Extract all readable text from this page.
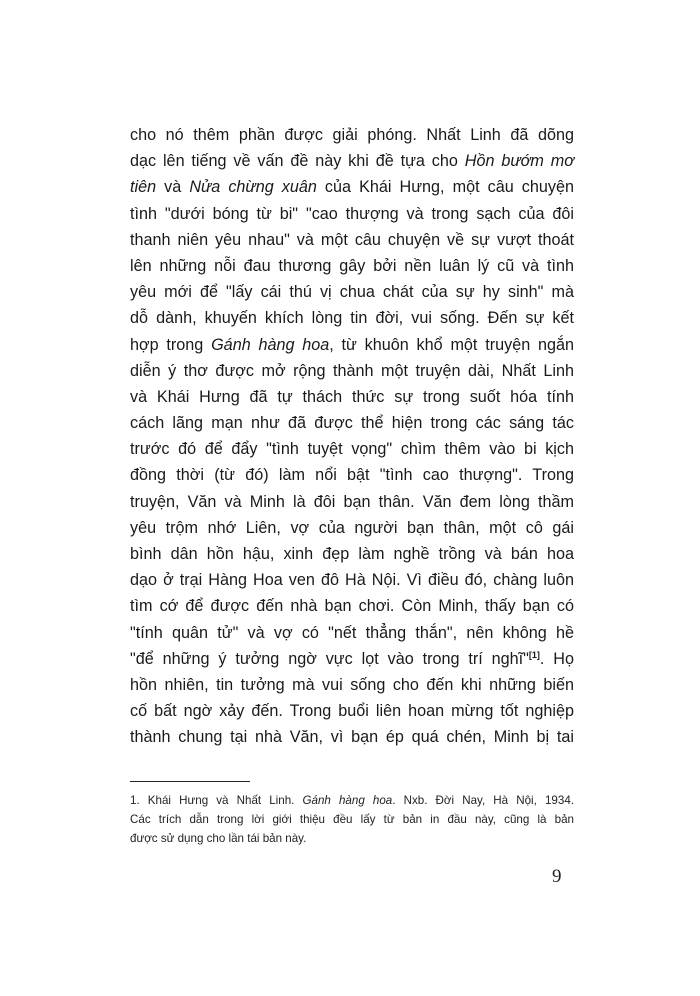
cho nó thêm phần được giải phóng. Nhất Linh đã dõng
dạc lên tiếng về vấn đề này khi đề tựa cho Hồn bướm mơ
tiên và Nửa chừng xuân của Khái Hưng, một câu chuyện
tình "dưới bóng từ bi" "cao thượng và trong sạch của đôi
thanh niên yêu nhau" và một câu chuyện về sự vượt thoát
lên những nỗi đau thương gây bởi nền luân lý cũ và tình
yêu mới để "lấy cái thú vị chua chát của sự hy sinh" mà
dỗ dành, khuyến khích lòng tin đời, vui sống. Đến sự kết
hợp trong Gánh hàng hoa, từ khuôn khổ một truyện ngắn
diễn ý thơ được mở rộng thành một truyện dài, Nhất Linh
và Khái Hưng đã tự thách thức sự trong suốt hóa tính
cách lãng mạn như đã được thể hiện trong các sáng tác
trước đó để đẩy "tình tuyệt vọng" chìm thêm vào bi kịch
đồng thời (từ đó) làm nổi bật "tình cao thượng". Trong
truyện, Văn và Minh là đôi bạn thân. Văn đem lòng thầm
yêu trộm nhớ Liên, vợ của người bạn thân, một cô gái
bình dân hồn hậu, xinh đẹp làm nghề trồng và bán hoa
dạo ở trại Hàng Hoa ven đô Hà Nội. Vì điều đó, chàng luôn
tìm cớ để được đến nhà bạn chơi. Còn Minh, thấy bạn có
"tính quân tử" và vợ có "nết thẳng thắn", nên không hề
"để những ý tưởng ngờ vực lọt vào trong trí nghĩ"[1]. Họ
hồn nhiên, tin tưởng mà vui sống cho đến khi những biến
cố bất ngờ xảy đến. Trong buổi liên hoan mừng tốt nghiệp
thành chung tại nhà Văn, vì bạn ép quá chén, Minh bị tai
1. Khái Hưng và Nhất Linh. Gánh hàng hoa. Nxb. Đời Nay, Hà Nội, 1934.
Các trích dẫn trong lời giới thiệu đều lấy từ bản in đầu này, cũng là bản
được sử dụng cho lần tái bản này.
9
